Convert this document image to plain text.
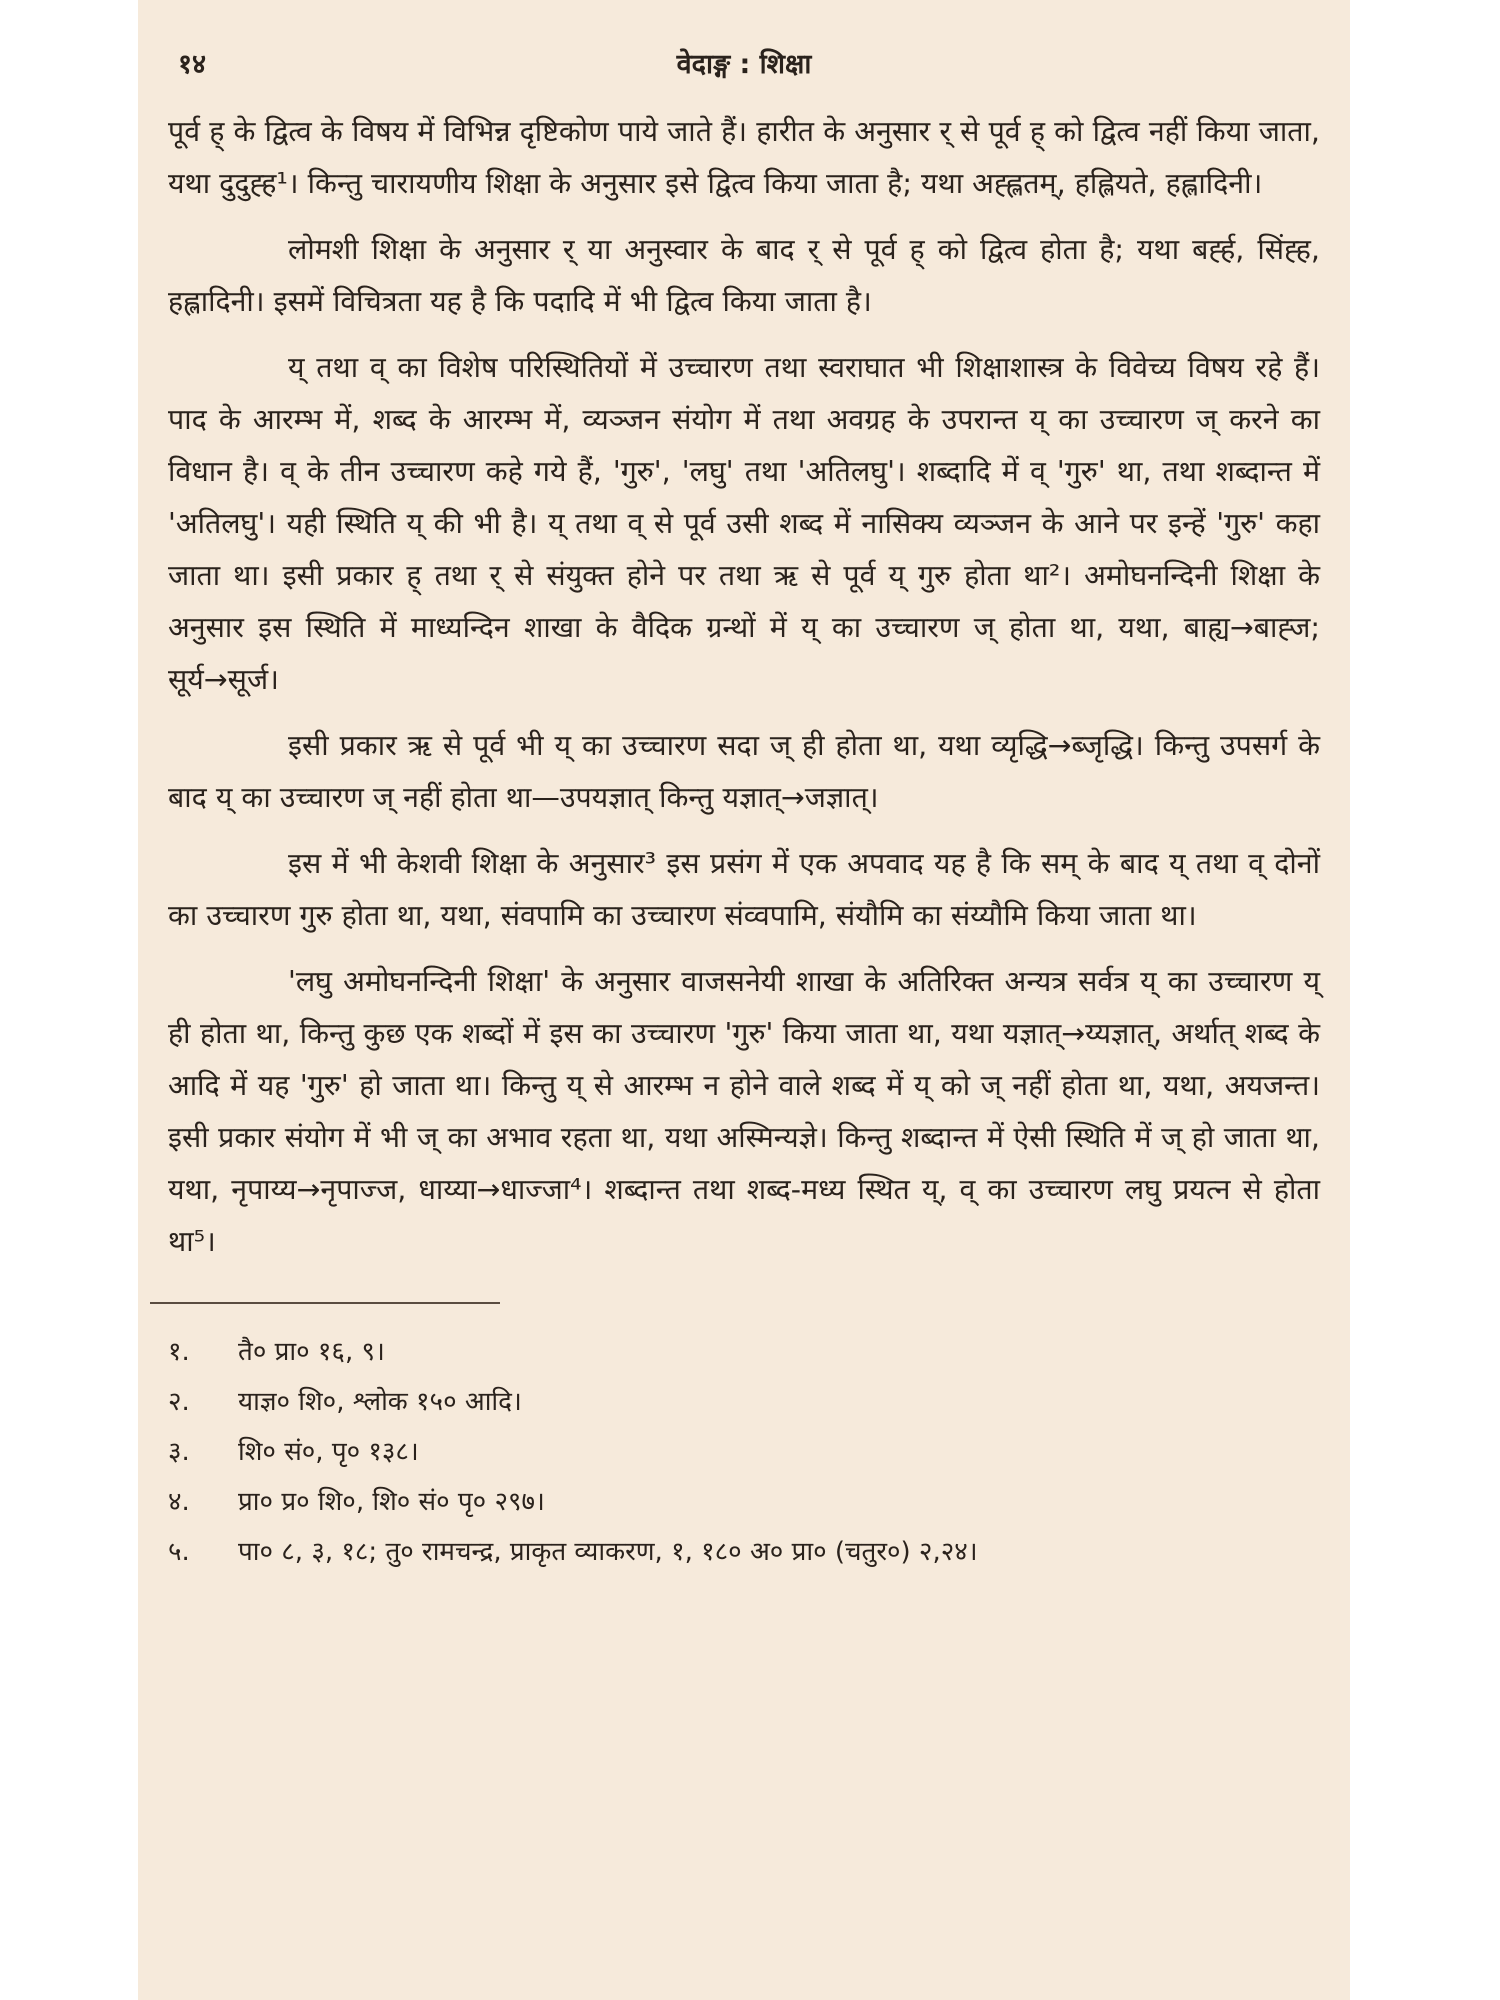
१४	वेदाङ्ग : शिक्षा

पूर्व ह् के द्वित्व के विषय में विभिन्न दृष्टिकोण पाये जाते हैं। हारीत के अनुसार र् से पूर्व ह् को द्वित्व नहीं किया जाता, यथा दुदुह्ह¹। किन्तु चारायणीय शिक्षा के अनुसार इसे द्वित्व किया जाता है; यथा अह्ह्लतम्, हह्लियते, हह्लादिनी।

लोमशी शिक्षा के अनुसार र् या अनुस्वार के बाद र् से पूर्व ह् को द्वित्व होता है; यथा बर्ह्ह, सिंह्ह, हह्लादिनी। इसमें विचित्रता यह है कि पदादि में भी द्वित्व किया जाता है।

य् तथा व् का विशेष परिस्थितियों में उच्चारण तथा स्वराघात भी शिक्षाशास्त्र के विवेच्य विषय रहे हैं। पाद के आरम्भ में, शब्द के आरम्भ में, व्यञ्जन संयोग में तथा अवग्रह के उपरान्त य् का उच्चारण ज् करने का विधान है। व् के तीन उच्चारण कहे गये हैं, 'गुरु', 'लघु' तथा 'अतिलघु'। शब्दादि में व् 'गुरु' था, तथा शब्दान्त में 'अतिलघु'। यही स्थिति य् की भी है। य् तथा व् से पूर्व उसी शब्द में नासिक्य व्यञ्जन के आने पर इन्हें 'गुरु' कहा जाता था। इसी प्रकार ह् तथा र् से संयुक्त होने पर तथा ऋ से पूर्व य् गुरु होता था²। अमोघनन्दिनी शिक्षा के अनुसार इस स्थिति में माध्यन्दिन शाखा के वैदिक ग्रन्थों में य् का उच्चारण ज् होता था, यथा, बाह्य→बाह्ज; सूर्य→सूर्ज।

इसी प्रकार ऋ से पूर्व भी य् का उच्चारण सदा ज् ही होता था, यथा व्यृद्धि→ब्जृद्धि। किन्तु उपसर्ग के बाद य् का उच्चारण ज् नहीं होता था—उपयज्ञात् किन्तु यज्ञात्→जज्ञात्।

इस में भी केशवी शिक्षा के अनुसार³ इस प्रसंग में एक अपवाद यह है कि सम् के बाद य् तथा व् दोनों का उच्चारण गुरु होता था, यथा, संवपामि का उच्चारण संव्वपामि, संयौमि का संय्यौमि किया जाता था।

'लघु अमोघनन्दिनी शिक्षा' के अनुसार वाजसनेयी शाखा के अतिरिक्त अन्यत्र सर्वत्र य् का उच्चारण य् ही होता था, किन्तु कुछ एक शब्दों में इस का उच्चारण 'गुरु' किया जाता था, यथा यज्ञात्→य्यज्ञात्, अर्थात् शब्द के आदि में यह 'गुरु' हो जाता था। किन्तु य् से आरम्भ न होने वाले शब्द में य् को ज् नहीं होता था, यथा, अयजन्त। इसी प्रकार संयोग में भी ज् का अभाव रहता था, यथा अस्मिन्यज्ञे। किन्तु शब्दान्त में ऐसी स्थिति में ज् हो जाता था, यथा, नृपाय्य→नृपाज्ज, धाय्या→धाज्जा⁴। शब्दान्त तथा शब्द-मध्य स्थित य्, व् का उच्चारण लघु प्रयत्न से होता था⁵।

१.	तै० प्रा० १६, ९।
२.	याज्ञ० शि०, श्लोक १५० आदि।
३.	शि० सं०, पृ० १३८।
४.	प्रा० प्र० शि०, शि० सं० पृ० २९७।
५.	पा० ८, ३, १८; तु० रामचन्द्र, प्राकृत व्याकरण, १, १८० अ० प्रा० (चतुर०) २,२४।
